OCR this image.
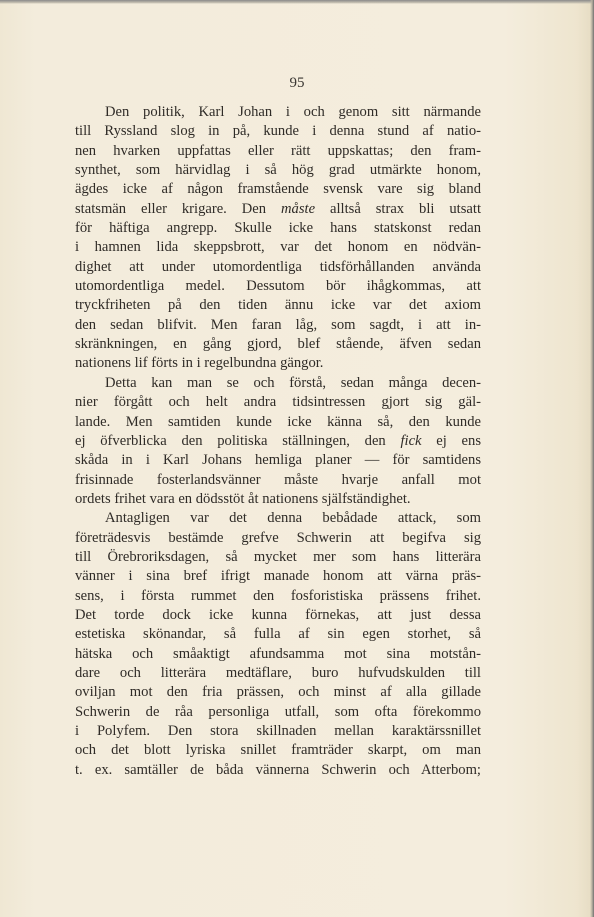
95
Den politik, Karl Johan i och genom sitt närmande
till Ryssland slog in på, kunde i denna stund af natio-
nen hvarken uppfattas eller rätt uppskattas; den fram-
synthet, som härvidlag i så hög grad utmärkte honom,
ägdes icke af någon framstående svensk vare sig bland
statsmän eller krigare. Den måste alltså strax bli utsatt
för häftiga angrepp. Skulle icke hans statskonst redan
i hamnen lida skeppsbrott, var det honom en nödvän-
dighet att under utomordentliga tidsförhållanden använda
utomordentliga medel. Dessutom bör ihågkommas, att
tryckfriheten på den tiden ännu icke var det axiom
den sedan blifvit. Men faran låg, som sagdt, i att in-
skränkningen, en gång gjord, blef stående, äfven sedan
nationens lif förts in i regelbundna gängor.
Detta kan man se och förstå, sedan många decen-
nier förgått och helt andra tidsintressen gjort sig gäl-
lande. Men samtiden kunde icke känna så, den kunde
ej öfverblicka den politiska ställningen, den fick ej ens
skåda in i Karl Johans hemliga planer — för samtidens
frisinnade fosterlandsvänner måste hvarje anfall mot
ordets frihet vara en dödsstöt åt nationens själfständighet.
Antagligen var det denna bebådade attack, som
företrädesvis bestämde grefve Schwerin att begifva sig
till Örebroriksdagen, så mycket mer som hans litterära
vänner i sina bref ifrigt manade honom att värna präs-
sens, i första rummet den fosforistiska prässens frihet.
Det torde dock icke kunna förnekas, att just dessa
estetiska skönandar, så fulla af sin egen storhet, så
hätska och småaktigt afundsamma mot sina motstån-
dare och litterära medtäflare, buro hufvudskulden till
oviljan mot den fria prässen, och minst af alla gillade
Schwerin de råa personliga utfall, som ofta förekommo
i Polyfem. Den stora skillnaden mellan karaktärssnillet
och det blott lyriska snillet framträder skarpt, om man
t. ex. samtäller de båda vännerna Schwerin och Atterbom;
